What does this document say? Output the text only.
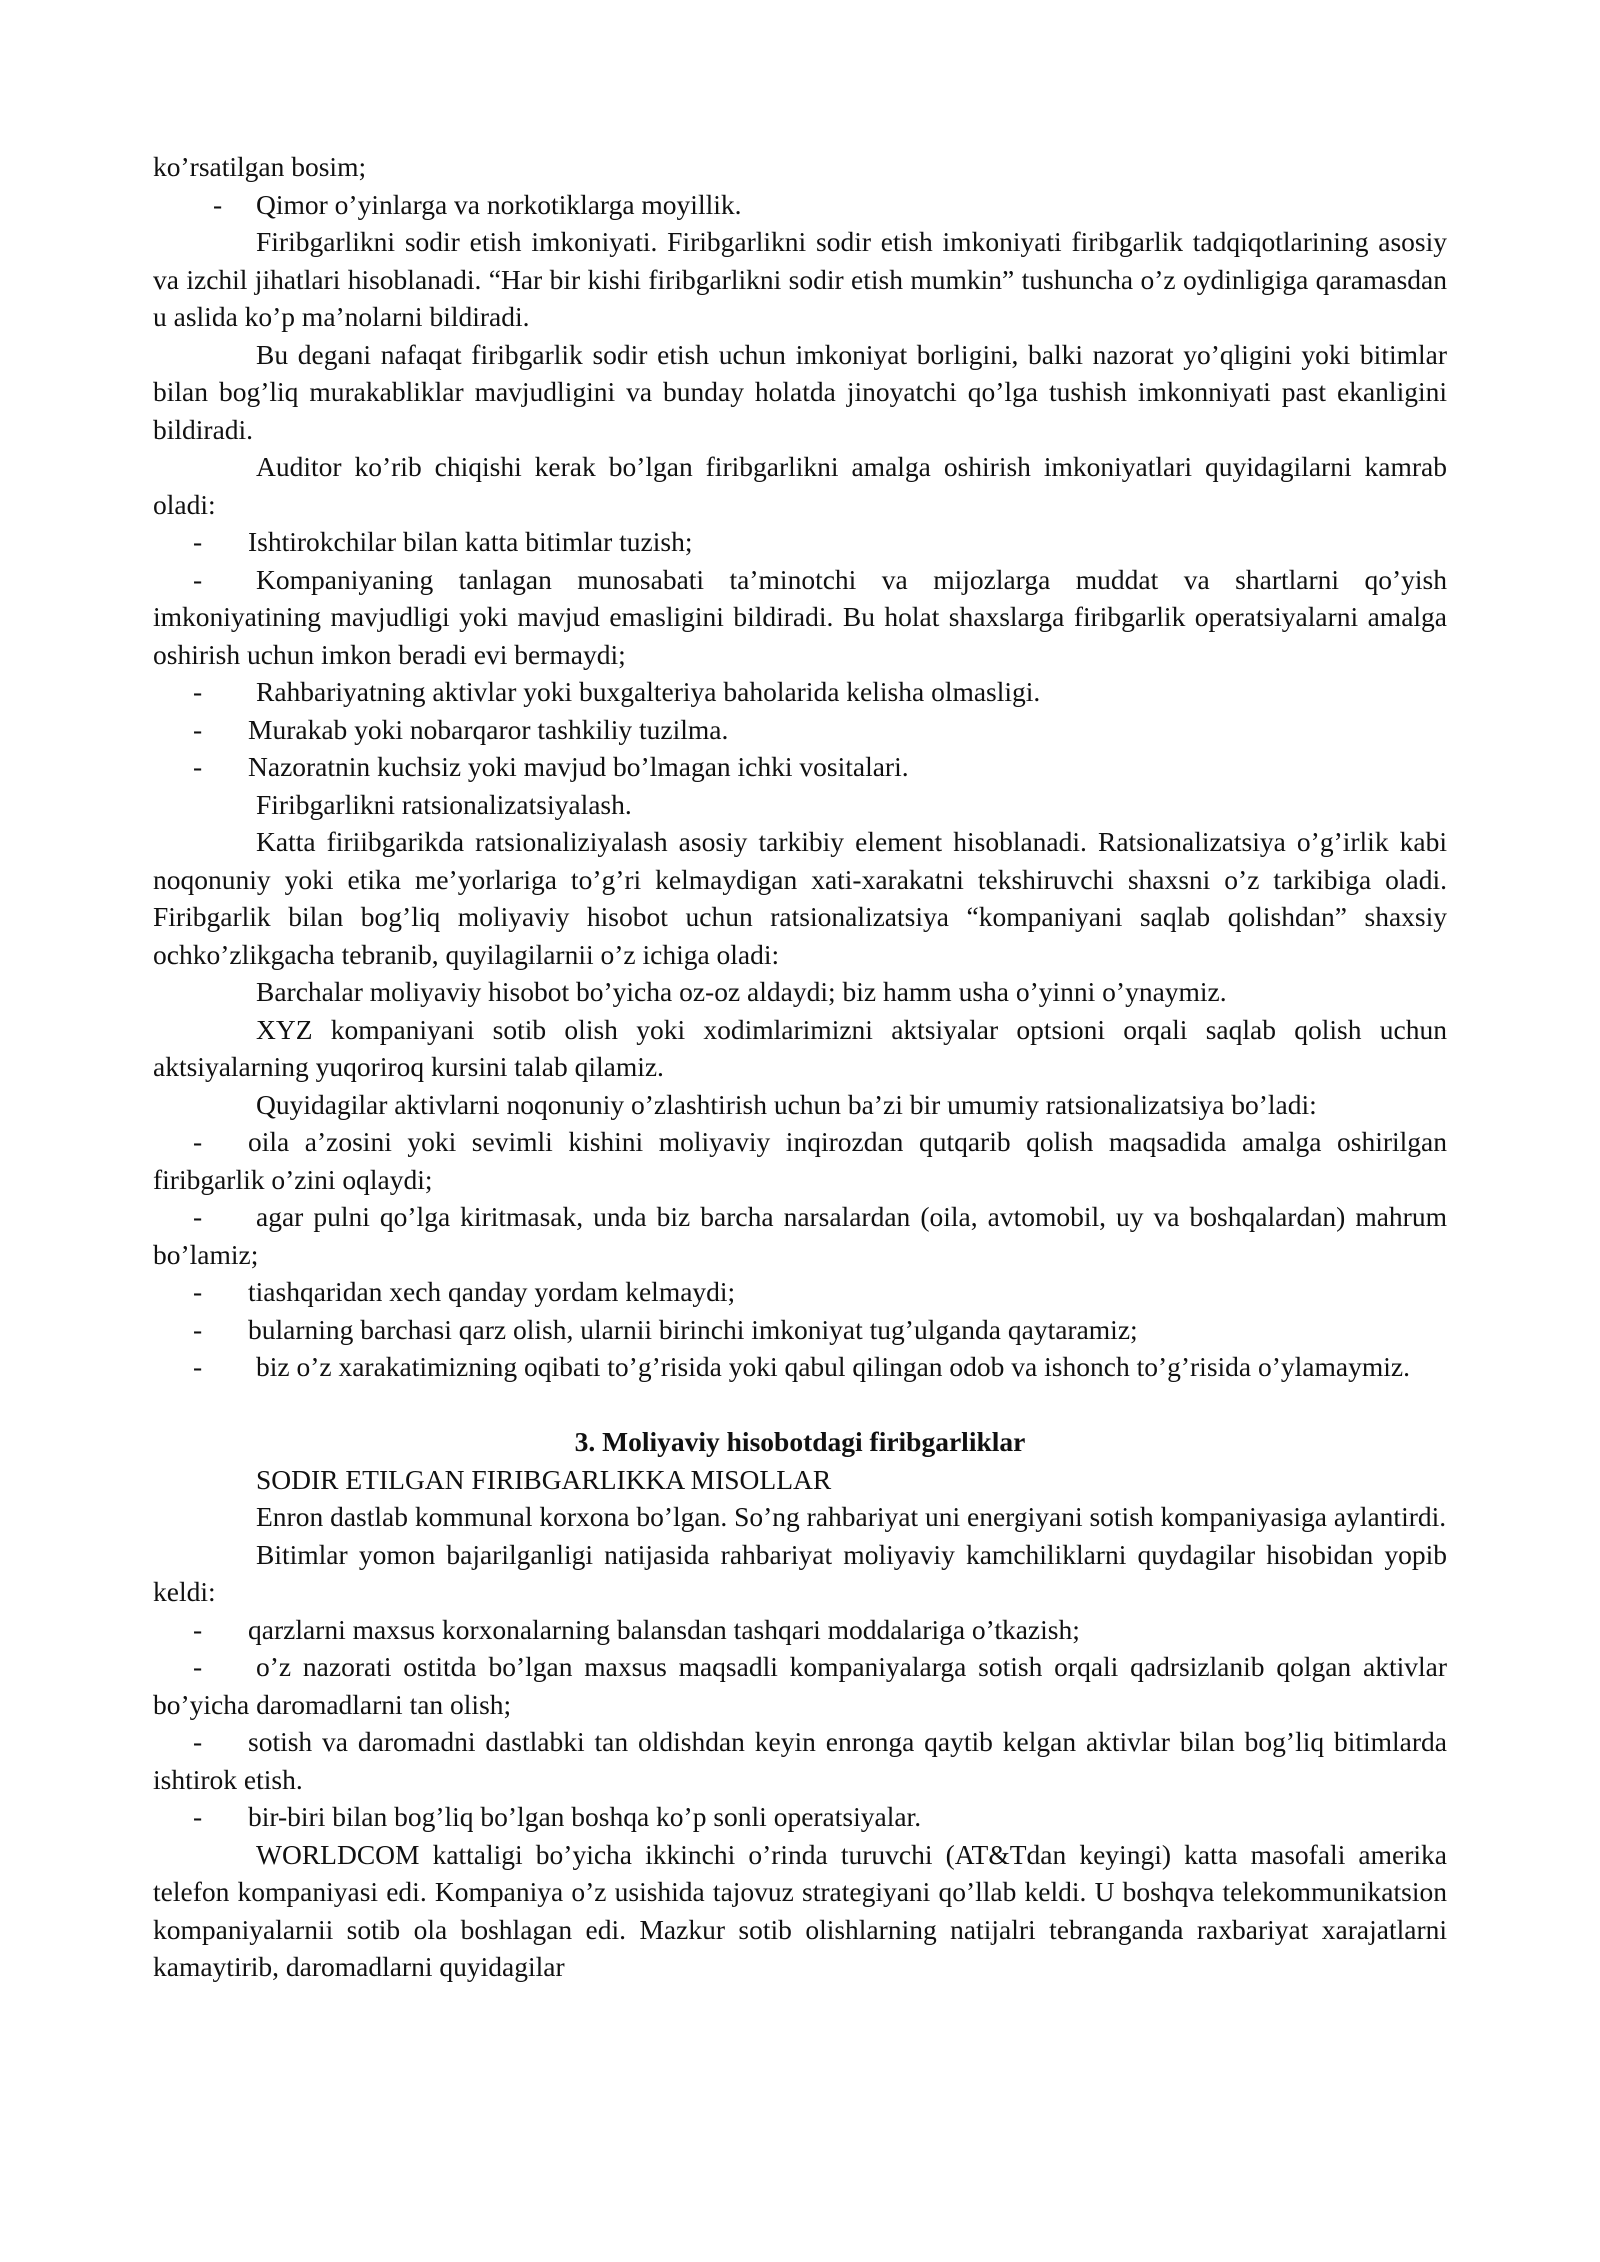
ko’rsatilgan bosim;

- Qimor o’yinlarga va norkotiklarga moyillik.

Firibgarlikni sodir etish imkoniyati. Firibgarlikni sodir etish imkoniyati firibgarlik tadqiqotlarining asosiy va izchil jihatlari hisoblanadi. “Har bir kishi firibgarlikni sodir etish mumkin” tushuncha o’z oydinligiga qaramasdan u aslida ko’p ma’nolarni bildiradi.

Bu degani nafaqat firibgarlik sodir etish uchun imkoniyat borligini, balki nazorat yo’qligini yoki bitimlar bilan bog’liq murakabliklar mavjudligini va bunday holatda jinoyatchi qo’lga tushish imkonniyati past ekanligini bildiradi.

Auditor ko’rib chiqishi kerak bo’lgan firibgarlikni amalga oshirish imkoniyatlari quyidagilarni kamrab oladi:

- Ishtirokchilar bilan katta bitimlar tuzish;

- Kompaniyaning tanlagan munosabati ta’minotchi va mijozlarga muddat va shartlarni qo’yish imkoniyatining mavjudligi yoki mavjud emasligini bildiradi. Bu holat shaxslarga firibgarlik operatsiyalarni amalga oshirish uchun imkon beradi evi bermaydi;

- Rahbariyatning aktivlar yoki buxgalteriya baholarida kelisha olmasligi.

- Murakab yoki nobarqaror tashkiliy tuzilma.

- Nazoratnin kuchsiz yoki mavjud bo’lmagan ichki vositalari.

Firibgarlikni ratsionalizatsiyalash.

Katta firiibgarikda ratsionaliziyalash asosiy tarkibiy element hisoblanadi. Ratsionalizatsiya o’g’irlik kabi noqonuniy yoki etika me’yorlariga to’g’ri kelmaydigan xati-xarakatni tekshiruvchi shaxsni o’z tarkibiga oladi. Firibgarlik bilan bog’liq moliyaviy hisobot uchun ratsionalizatsiya “kompaniyani saqlab qolishdan” shaxsiy ochko’zlikgacha tebranib, quyilagilarnii o’z ichiga oladi:

Barchalar moliyaviy hisobot bo’yicha oz-oz aldaydi; biz hamm usha o’yinni o’ynaymiz.

XYZ kompaniyani sotib olish yoki xodimlarimizni aktsiyalar optsioni orqali saqlab qolish uchun aktsiyalarning yuqoriroq kursini talab qilamiz.

Quyidagilar aktivlarni noqonuniy o’zlashtirish uchun ba’zi bir umumiy ratsionalizatsiya bo’ladi:

- oila a’zosini yoki sevimli kishini moliyaviy inqirozdan qutqarib qolish maqsadida amalga oshirilgan firibgarlik o’zini oqlaydi;

- agar pulni qo’lga kiritmasak, unda biz barcha narsalardan (oila, avtomobil, uy va boshqalardan) mahrum bo’lamiz;

- tiashqaridan xech qanday yordam kelmaydi;

- bularning barchasi qarz olish, ularnii birinchi imkoniyat tug’ulganda qaytaramiz;

- biz o’z xarakatimizning oqibati to’g’risida yoki qabul qilingan odob va ishonch to’g’risida o’ylamaymiz.

3. Moliyaviy hisobotdagi firibgarliklar

SODIR ETILGAN FIRIBGARLIKKA MISOLLAR

Enron dastlab kommunal korxona bo’lgan. So’ng rahbariyat uni energiyani sotish kompaniyasiga aylantirdi.

Bitimlar yomon bajarilganligi natijasida rahbariyat moliyaviy kamchiliklarni quydagilar hisobidan yopib keldi:

- qarzlarni maxsus korxonalarning balansdan tashqari moddalariga o’tkazish;

- o’z nazorati ostitda bo’lgan maxsus maqsadli kompaniyalarga sotish orqali qadrsizlanib qolgan aktivlar bo’yicha daromadlarni tan olish;

- sotish va daromadni dastlabki tan oldishdan keyin enronga qaytib kelgan aktivlar bilan bog’liq bitimlarda ishtirok etish.

- bir-biri bilan bog’liq bo’lgan boshqa ko’p sonli operatsiyalar.

WORLDCOM kattaligi bo’yicha ikkinchi o’rinda turuvchi (AT&Tdan keyingi) katta masofali amerika telefon kompaniyasi edi. Kompaniya o’z usishida tajovuz strategiyani qo’llab keldi. U boshqva telekommunikatsion kompaniyalarnii sotib ola boshlagan edi. Mazkur sotib olishlarning natijalri tebranganda raxbariyat xarajatlarni kamaytirib, daromadlarni quyidagilar
